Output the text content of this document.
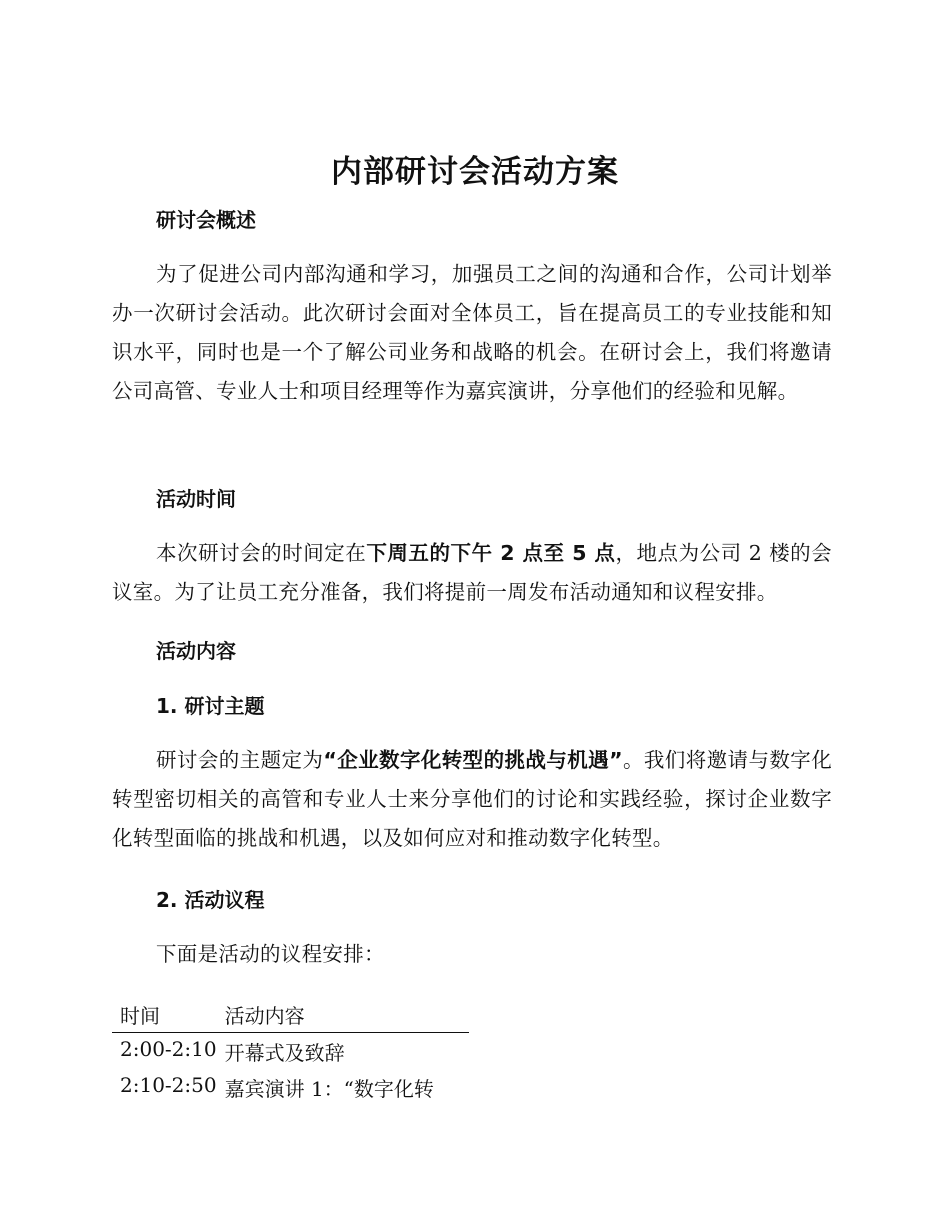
内部研讨会活动方案
研讨会概述

为了促进公司内部沟通和学习，加强员工之间的沟通和合作，公司计划举办一次研讨会活动。此次研讨会面对全体员工，旨在提高员工的专业技能和知识水平，同时也是一个了解公司业务和战略的机会。在研讨会上，我们将邀请公司高管、专业人士和项目经理等作为嘉宾演讲，分享他们的经验和见解。

活动时间

本次研讨会的时间定在下周五的下午 2 点至 5 点，地点为公司 2 楼的会议室。为了让员工充分准备，我们将提前一周发布活动通知和议程安排。

活动内容
1. 研讨主题

研讨会的主题定为“企业数字化转型的挑战与机遇”。我们将邀请与数字化转型密切相关的高管和专业人士来分享他们的讨论和实践经验，探讨企业数字化转型面临的挑战和机遇，以及如何应对和推动数字化转型。

2. 活动议程

下面是活动的议程安排：

时间	活动内容
2:00-2:10	开幕式及致辞
2:10-2:50	嘉宾演讲 1：“数字化转
